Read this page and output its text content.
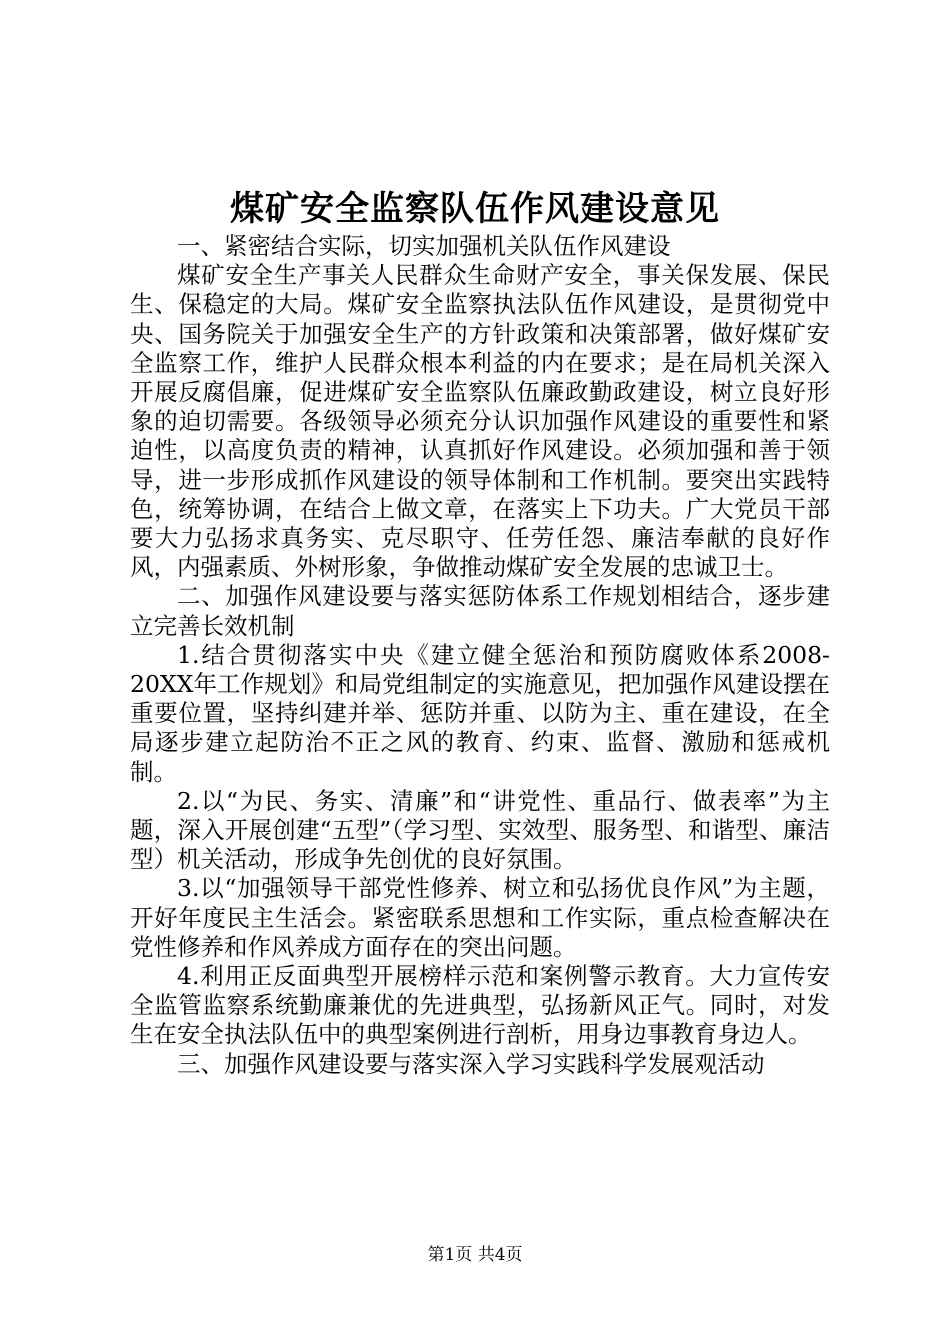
煤矿安全监察队伍作风建设意见

一、紧密结合实际，切实加强机关队伍作风建设

煤矿安全生产事关人民群众生命财产安全，事关保发展、保民生、保稳定的大局。煤矿安全监察执法队伍作风建设，是贯彻党中央、国务院关于加强安全生产的方针政策和决策部署，做好煤矿安全监察工作，维护人民群众根本利益的内在要求；是在局机关深入开展反腐倡廉，促进煤矿安全监察队伍廉政勤政建设，树立良好形象的迫切需要。各级领导必须充分认识加强作风建设的重要性和紧迫性，以高度负责的精神，认真抓好作风建设。必须加强和善于领导，进一步形成抓作风建设的领导体制和工作机制。要突出实践特色，统筹协调，在结合上做文章，在落实上下功夫。广大党员干部要大力弘扬求真务实、克尽职守、任劳任怨、廉洁奉献的良好作风，内强素质、外树形象，争做推动煤矿安全发展的忠诚卫士。

二、加强作风建设要与落实惩防体系工作规划相结合，逐步建立完善长效机制

1.结合贯彻落实中央《建立健全惩治和预防腐败体系2008-20XX年工作规划》和局党组制定的实施意见，把加强作风建设摆在重要位置，坚持纠建并举、惩防并重、以防为主、重在建设，在全局逐步建立起防治不正之风的教育、约束、监督、激励和惩戒机制。

2.以“为民、务实、清廉”和“讲党性、重品行、做表率”为主题，深入开展创建“五型”（学习型、实效型、服务型、和谐型、廉洁型）机关活动，形成争先创优的良好氛围。

3.以“加强领导干部党性修养、树立和弘扬优良作风”为主题，开好年度民主生活会。紧密联系思想和工作实际，重点检查解决在党性修养和作风养成方面存在的突出问题。

4.利用正反面典型开展榜样示范和案例警示教育。大力宣传安全监管监察系统勤廉兼优的先进典型，弘扬新风正气。同时，对发生在安全执法队伍中的典型案例进行剖析，用身边事教育身边人。

三、加强作风建设要与落实深入学习实践科学发展观活动

第1页 共4页
